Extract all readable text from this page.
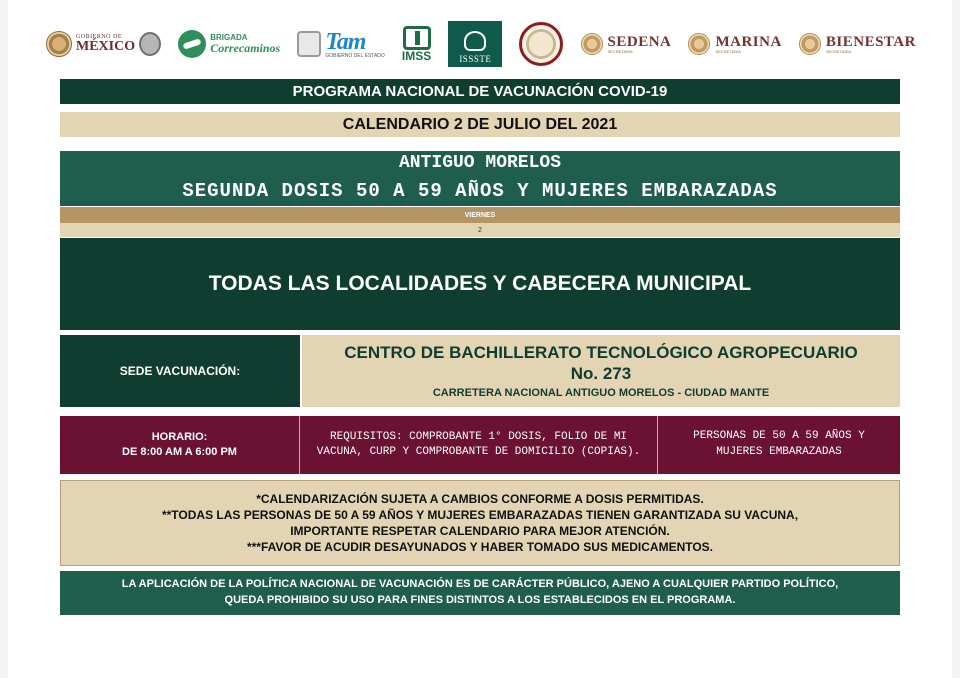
GOBIERNO DE
MÉXICO
BRIGADA
Correcaminos Tam
GOBIERNO DEL ESTADO IMSS	ISSSTE
SEDENA
SECRETARÍA
MARINA
SECRETARÍA
BIENESTAR
SECRETARÍA
PROGRAMA NACIONAL DE VACUNACIÓN COVID-19
CALENDARIO 2 DE JULIO DEL 2021
ANTIGUO MORELOS
SEGUNDA DOSIS 50 A 59 AÑOS Y MUJERES EMBARAZADAS
VIERNES
2
TODAS LAS LOCALIDADES Y CABECERA MUNICIPAL
SEDE VACUNACIÓN:
CENTRO DE BACHILLERATO TECNOLÓGICO AGROPECUARIO
No. 273
CARRETERA NACIONAL ANTIGUO MORELOS - CIUDAD MANTE
HORARIO:
DE 8:00 AM A 6:00 PM
REQUISITOS: COMPROBANTE 1° DOSIS, FOLIO DE MI VACUNA, CURP Y COMPROBANTE DE DOMICILIO (COPIAS).
PERSONAS DE 50 A 59 AÑOS Y MUJERES EMBARAZADAS
*CALENDARIZACIÓN SUJETA A CAMBIOS CONFORME A DOSIS PERMITIDAS.
**TODAS LAS PERSONAS DE 50 A 59 AÑOS Y MUJERES EMBARAZADAS TIENEN GARANTIZADA SU VACUNA,
IMPORTANTE RESPETAR CALENDARIO PARA MEJOR ATENCIÓN.
***FAVOR DE ACUDIR DESAYUNADOS Y HABER TOMADO SUS MEDICAMENTOS.
LA APLICACIÓN DE LA POLÍTICA NACIONAL DE VACUNACIÓN ES DE CARÁCTER PÚBLICO, AJENO A CUALQUIER PARTIDO POLÍTICO,
QUEDA PROHIBIDO SU USO PARA FINES DISTINTOS A LOS ESTABLECIDOS EN EL PROGRAMA.
